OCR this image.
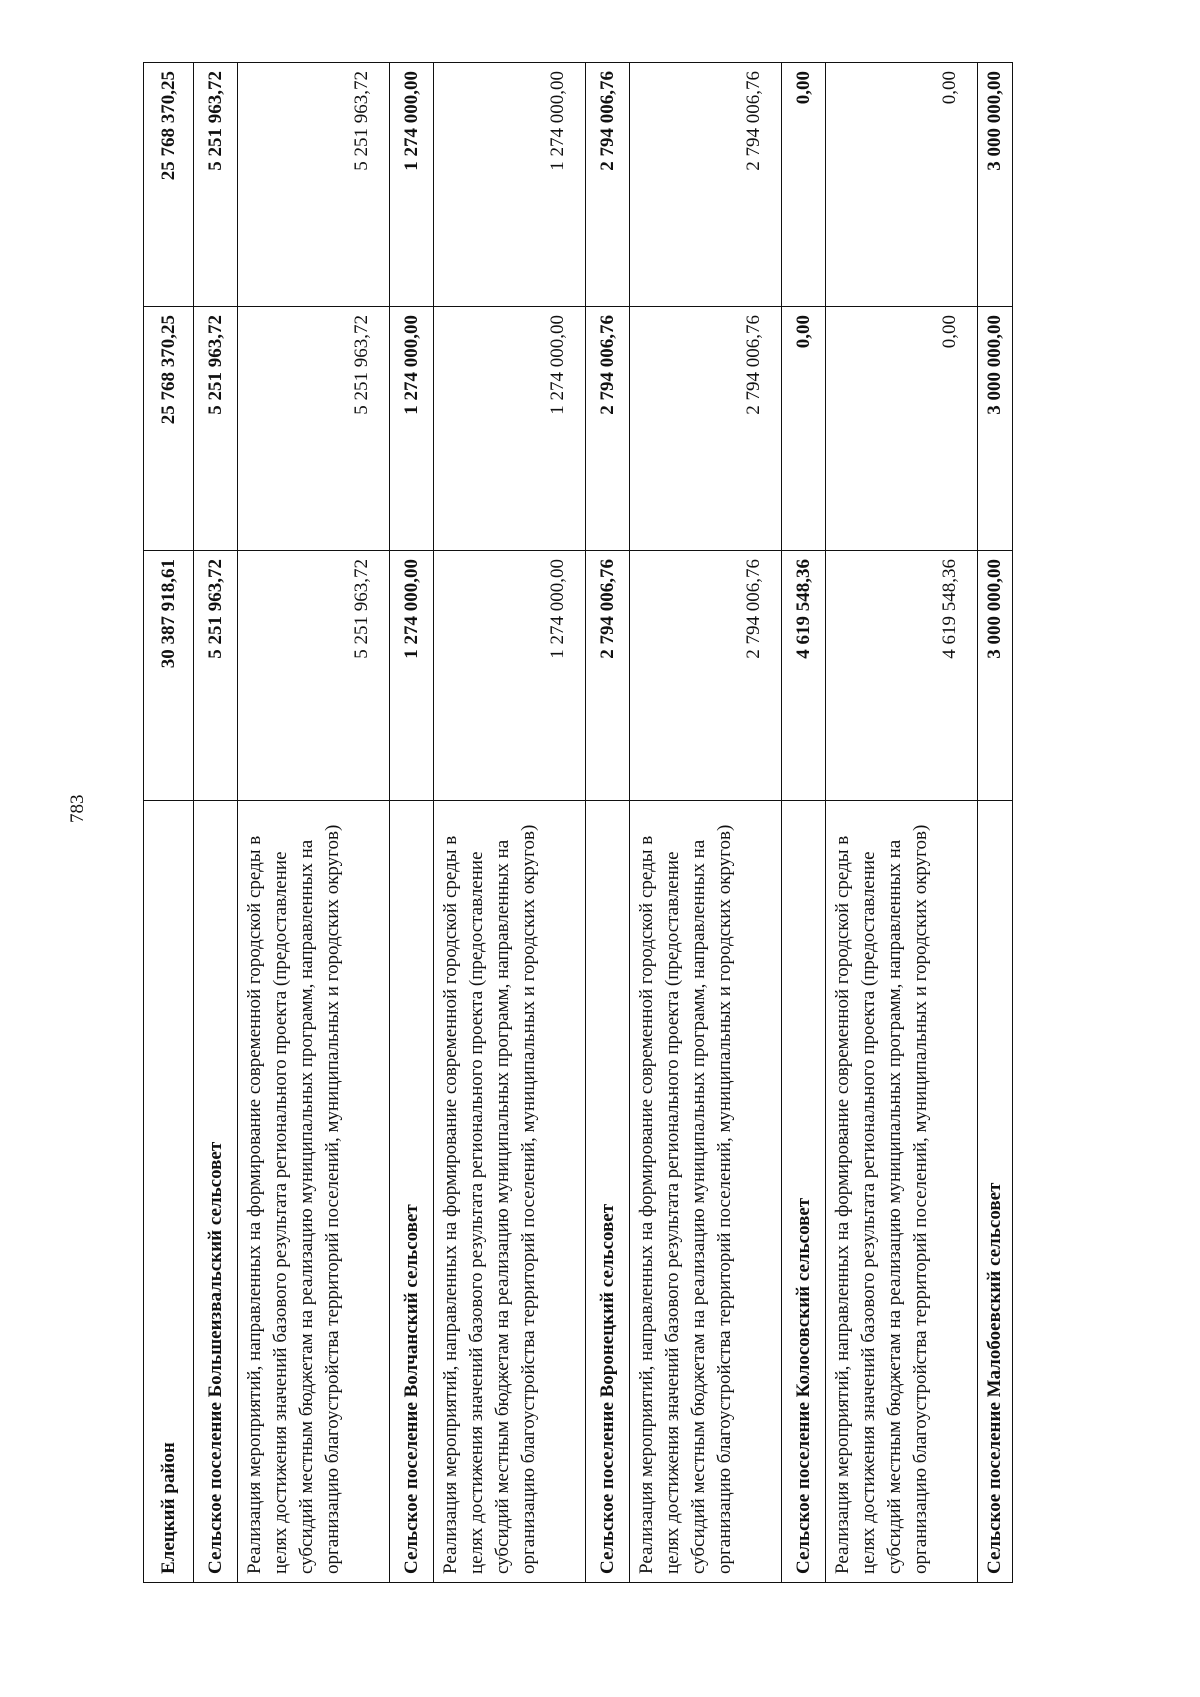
783
Елецкий район	30 387 918,61	25 768 370,25	25 768 370,25
Сельское поселение Большеизвальский сельсовет	5 251 963,72	5 251 963,72	5 251 963,72
Реализация мероприятий, направленных на формирование современной городской среды в целях достижения значений базового результата регионального проекта (предоставление субсидий местным бюджетам на реализацию муниципальных программ, направленных на организацию благоустройства территорий поселений, муниципальных и городских округов)	5 251 963,72	5 251 963,72	5 251 963,72
Сельское поселение Волчанский сельсовет	1 274 000,00	1 274 000,00	1 274 000,00
Реализация мероприятий, направленных на формирование современной городской среды в целях достижения значений базового результата регионального проекта (предоставление субсидий местным бюджетам на реализацию муниципальных программ, направленных на организацию благоустройства территорий поселений, муниципальных и городских округов)	1 274 000,00	1 274 000,00	1 274 000,00
Сельское поселение Воронецкий сельсовет	2 794 006,76	2 794 006,76	2 794 006,76
Реализация мероприятий, направленных на формирование современной городской среды в целях достижения значений базового результата регионального проекта (предоставление субсидий местным бюджетам на реализацию муниципальных программ, направленных на организацию благоустройства территорий поселений, муниципальных и городских округов)	2 794 006,76	2 794 006,76	2 794 006,76
Сельское поселение Колосовский сельсовет	4 619 548,36	0,00	0,00
Реализация мероприятий, направленных на формирование современной городской среды в целях достижения значений базового результата регионального проекта (предоставление субсидий местным бюджетам на реализацию муниципальных программ, направленных на организацию благоустройства территорий поселений, муниципальных и городских округов)	4 619 548,36	0,00	0,00
Сельское поселение Малобоевский сельсовет	3 000 000,00	3 000 000,00	3 000 000,00
